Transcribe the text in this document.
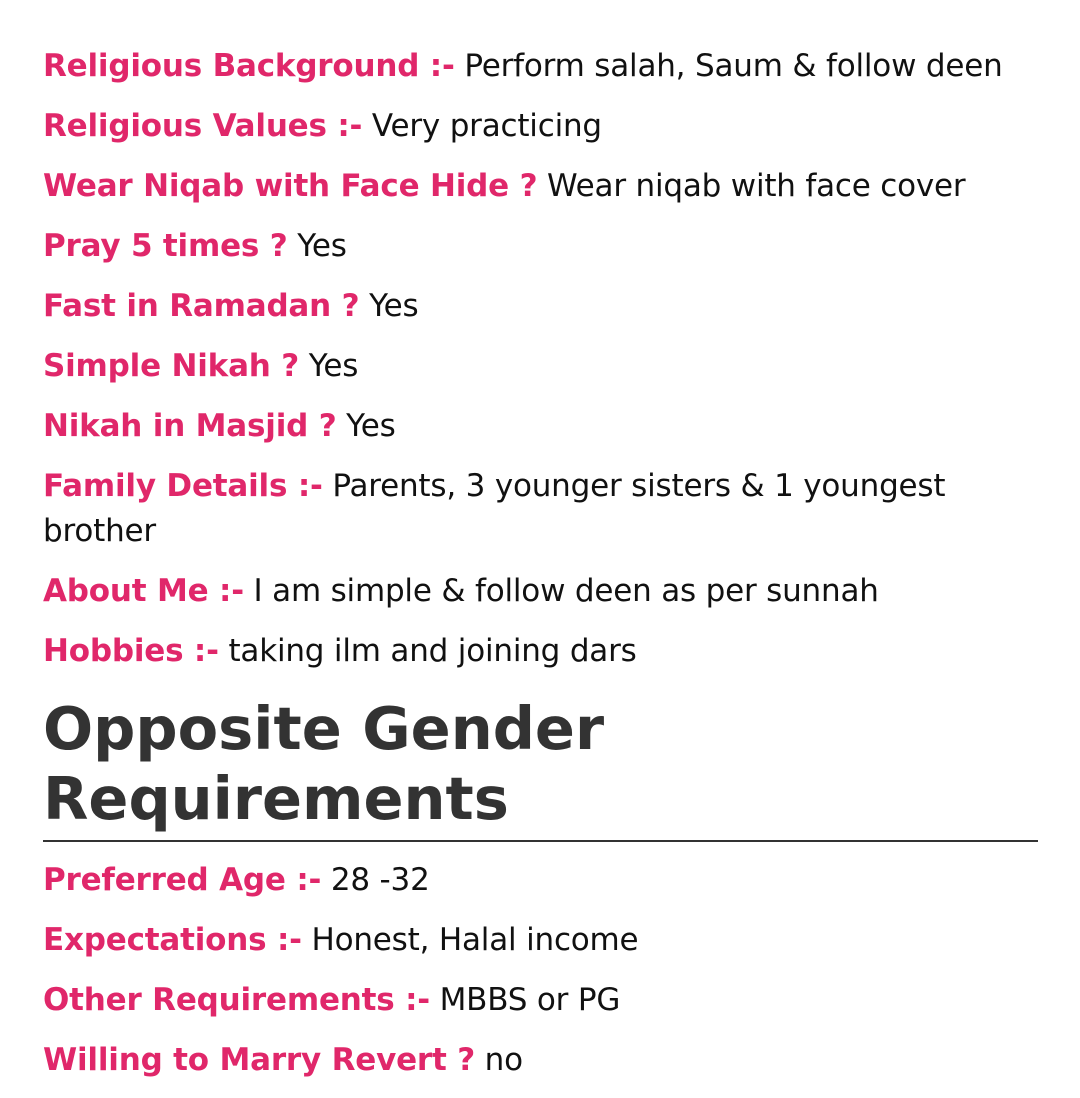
Religious Background :- Perform salah, Saum & follow deen
Religious Values :- Very practicing
Wear Niqab with Face Hide ? Wear niqab with face cover
Pray 5 times ? Yes
Fast in Ramadan ? Yes
Simple Nikah ? Yes
Nikah in Masjid ? Yes
Family Details :- Parents, 3 younger sisters & 1 youngest brother
About Me :- I am simple & follow deen as per sunnah
Hobbies :- taking ilm and joining dars
Opposite Gender Requirements
Preferred Age :- 28 -32
Expectations :- Honest, Halal income
Other Requirements :- MBBS or PG
Willing to Marry Revert ? no
